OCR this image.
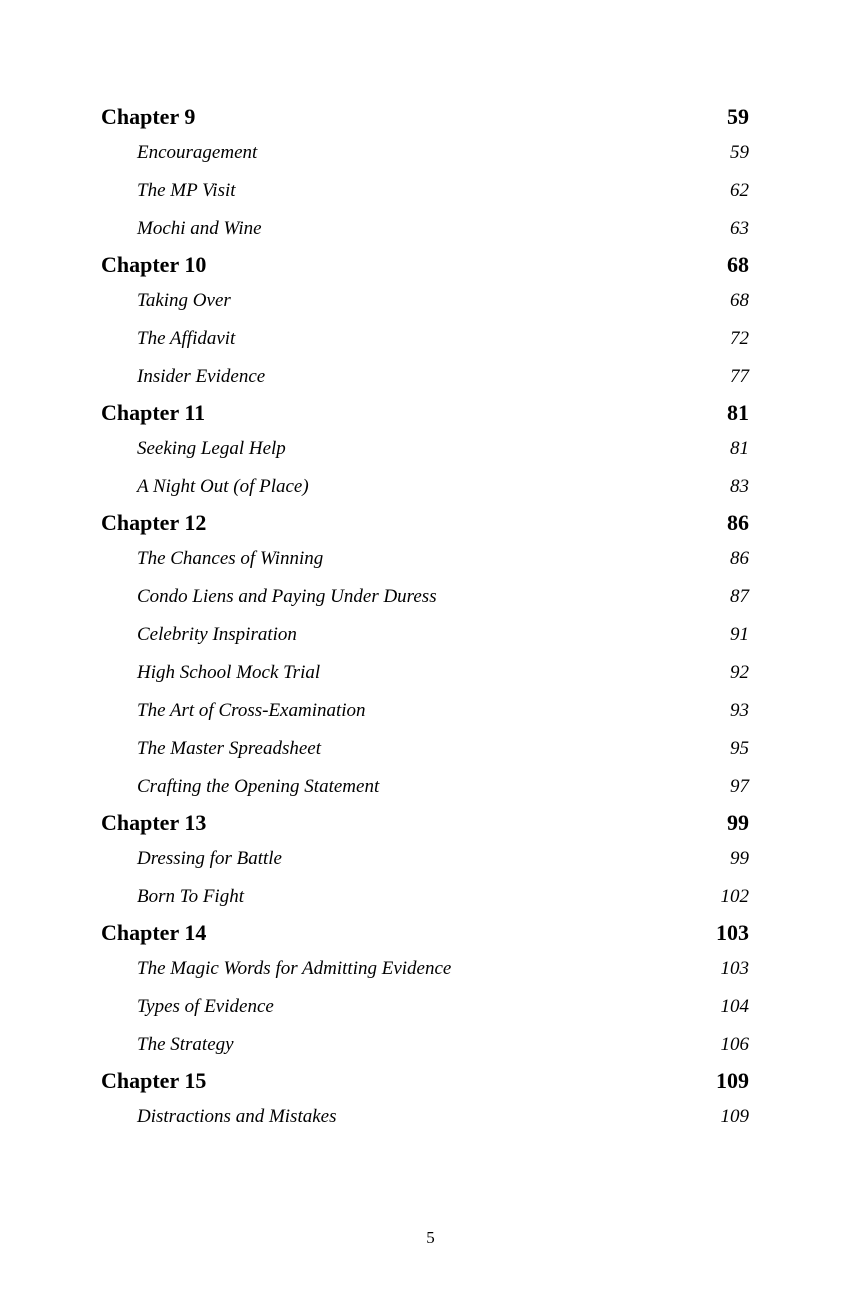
Chapter 9	59
Encouragement	59
The MP Visit	62
Mochi and Wine	63
Chapter 10	68
Taking Over	68
The Affidavit	72
Insider Evidence	77
Chapter 11	81
Seeking Legal Help	81
A Night Out (of Place)	83
Chapter 12	86
The Chances of Winning	86
Condo Liens and Paying Under Duress	87
Celebrity Inspiration	91
High School Mock Trial	92
The Art of Cross-Examination	93
The Master Spreadsheet	95
Crafting the Opening Statement	97
Chapter 13	99
Dressing for Battle	99
Born To Fight	102
Chapter 14	103
The Magic Words for Admitting Evidence	103
Types of Evidence	104
The Strategy	106
Chapter 15	109
Distractions and Mistakes	109
5
